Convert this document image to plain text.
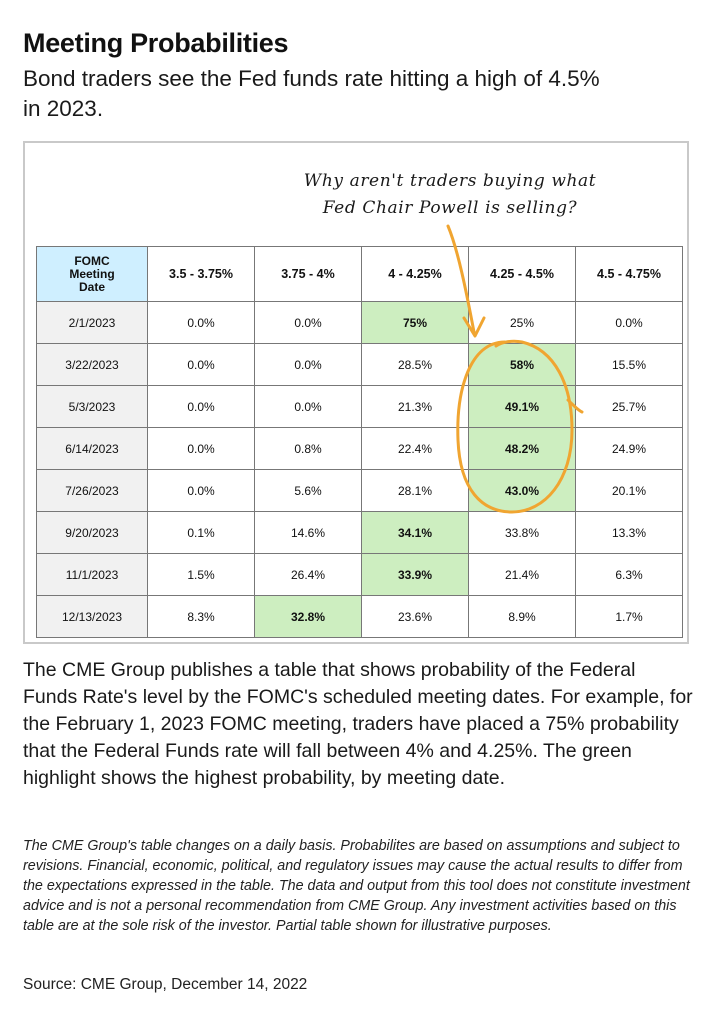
Meeting Probabilities
Bond traders see the Fed funds rate hitting a high of 4.5% in 2023.
Why aren't traders buying what
Fed Chair Powell is selling?
FOMC
Meeting
Date	3.5 - 3.75%	3.75 - 4%	4 - 4.25%	4.25 - 4.5%	4.5 - 4.75%
2/1/2023	0.0%	0.0%	75%	25%	0.0%
3/22/2023	0.0%	0.0%	28.5%	58%	15.5%
5/3/2023	0.0%	0.0%	21.3%	49.1%	25.7%
6/14/2023	0.0%	0.8%	22.4%	48.2%	24.9%
7/26/2023	0.0%	5.6%	28.1%	43.0%	20.1%
9/20/2023	0.1%	14.6%	34.1%	33.8%	13.3%
11/1/2023	1.5%	26.4%	33.9%	21.4%	6.3%
12/13/2023	8.3%	32.8%	23.6%	8.9%	1.7%
The CME Group publishes a table that shows probability of the Federal Funds Rate's level by the FOMC's scheduled meeting dates. For example, for the February 1, 2023 FOMC meeting, traders have placed a 75% probability that the Federal Funds rate will fall between 4% and 4.25%. The green highlight shows the highest probability, by meeting date.
The CME Group's table changes on a daily basis. Probabilites are based on assumptions and subject to revisions. Financial, economic, political, and regulatory issues may cause the actual results to differ from the expectations expressed in the table. The data and output from this tool does not constitute investment advice and is not a personal recommendation from CME Group. Any investment activities based on this table are at the sole risk of the investor. Partial table shown for illustrative purposes.
Source: CME Group, December 14, 2022
